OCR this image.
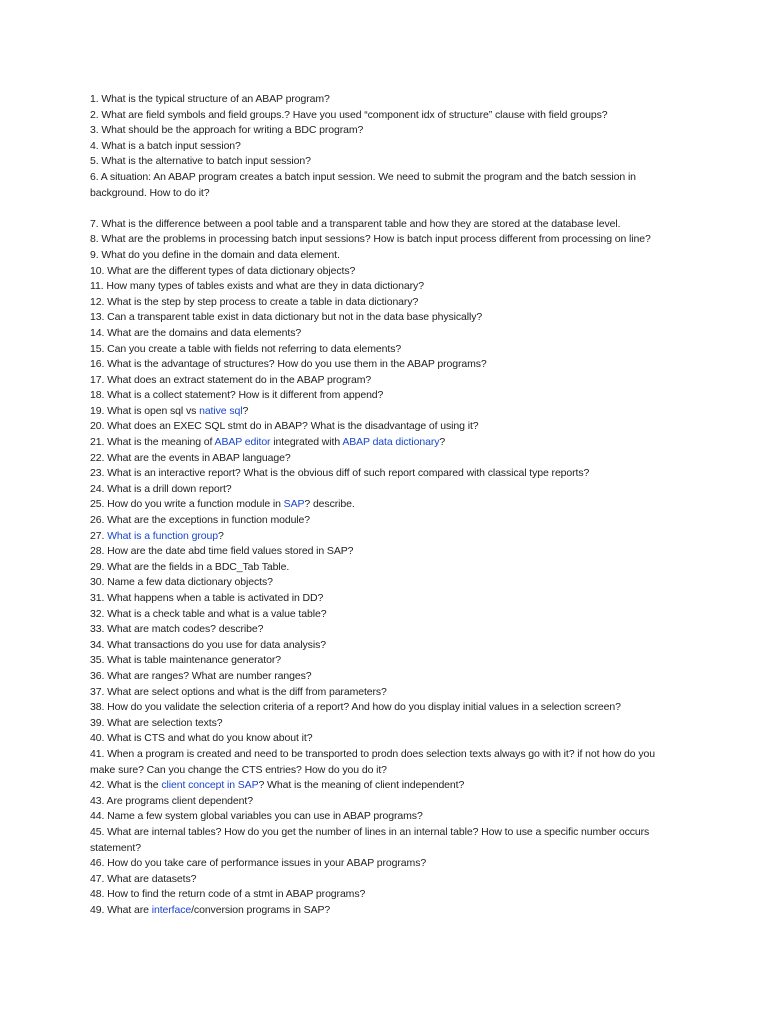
1. What is the typical structure of an ABAP program?

2. What are field symbols and field groups.? Have you used “component idx of structure” clause with field groups?

3. What should be the approach for writing a BDC program?

4. What is a batch input session?

5. What is the alternative to batch input session?

6. A situation: An ABAP program creates a batch input session. We need to submit the program and the batch session in background. How to do it?

7. What is the difference between a pool table and a transparent table and how they are stored at the database level.

8. What are the problems in processing batch input sessions? How is batch input process different from processing on line?

9. What do you define in the domain and data element.

10. What are the different types of data dictionary objects?

11. How many types of tables exists and what are they in data dictionary?

12. What is the step by step process to create a table in data dictionary?

13. Can a transparent table exist in data dictionary but not in the data base physically?

14. What are the domains and data elements?

15. Can you create a table with fields not referring to data elements?

16. What is the advantage of structures? How do you use them in the ABAP programs?

17. What does an extract statement do in the ABAP program?

18. What is a collect statement? How is it different from append?

19. What is open sql vs native sql?

20. What does an EXEC SQL stmt do in ABAP? What is the disadvantage of using it?

21. What is the meaning of ABAP editor integrated with ABAP data dictionary?

22. What are the events in ABAP language?

23. What is an interactive report? What is the obvious diff of such report compared with classical type reports?

24. What is a drill down report?

25. How do you write a function module in SAP? describe.

26. What are the exceptions in function module?

27. What is a function group?

28. How are the date abd time field values stored in SAP?

29. What are the fields in a BDC_Tab Table.

30. Name a few data dictionary objects?

31. What happens when a table is activated in DD?

32. What is a check table and what is a value table?

33. What are match codes? describe?

34. What transactions do you use for data analysis?

35. What is table maintenance generator?

36. What are ranges? What are number ranges?

37. What are select options and what is the diff from parameters?

38. How do you validate the selection criteria of a report? And how do you display initial values in a selection screen?

39. What are selection texts?

40. What is CTS and what do you know about it?

41. When a program is created and need to be transported to prodn does selection texts always go with it? if not how do you make sure? Can you change the CTS entries? How do you do it?

42. What is the client concept in SAP? What is the meaning of client independent?

43. Are programs client dependent?

44. Name a few system global variables you can use in ABAP programs?

45. What are internal tables? How do you get the number of lines in an internal table? How to use a specific number occurs statement?

46. How do you take care of performance issues in your ABAP programs?

47. What are datasets?

48. How to find the return code of a stmt in ABAP programs?

49. What are interface/conversion programs in SAP?
